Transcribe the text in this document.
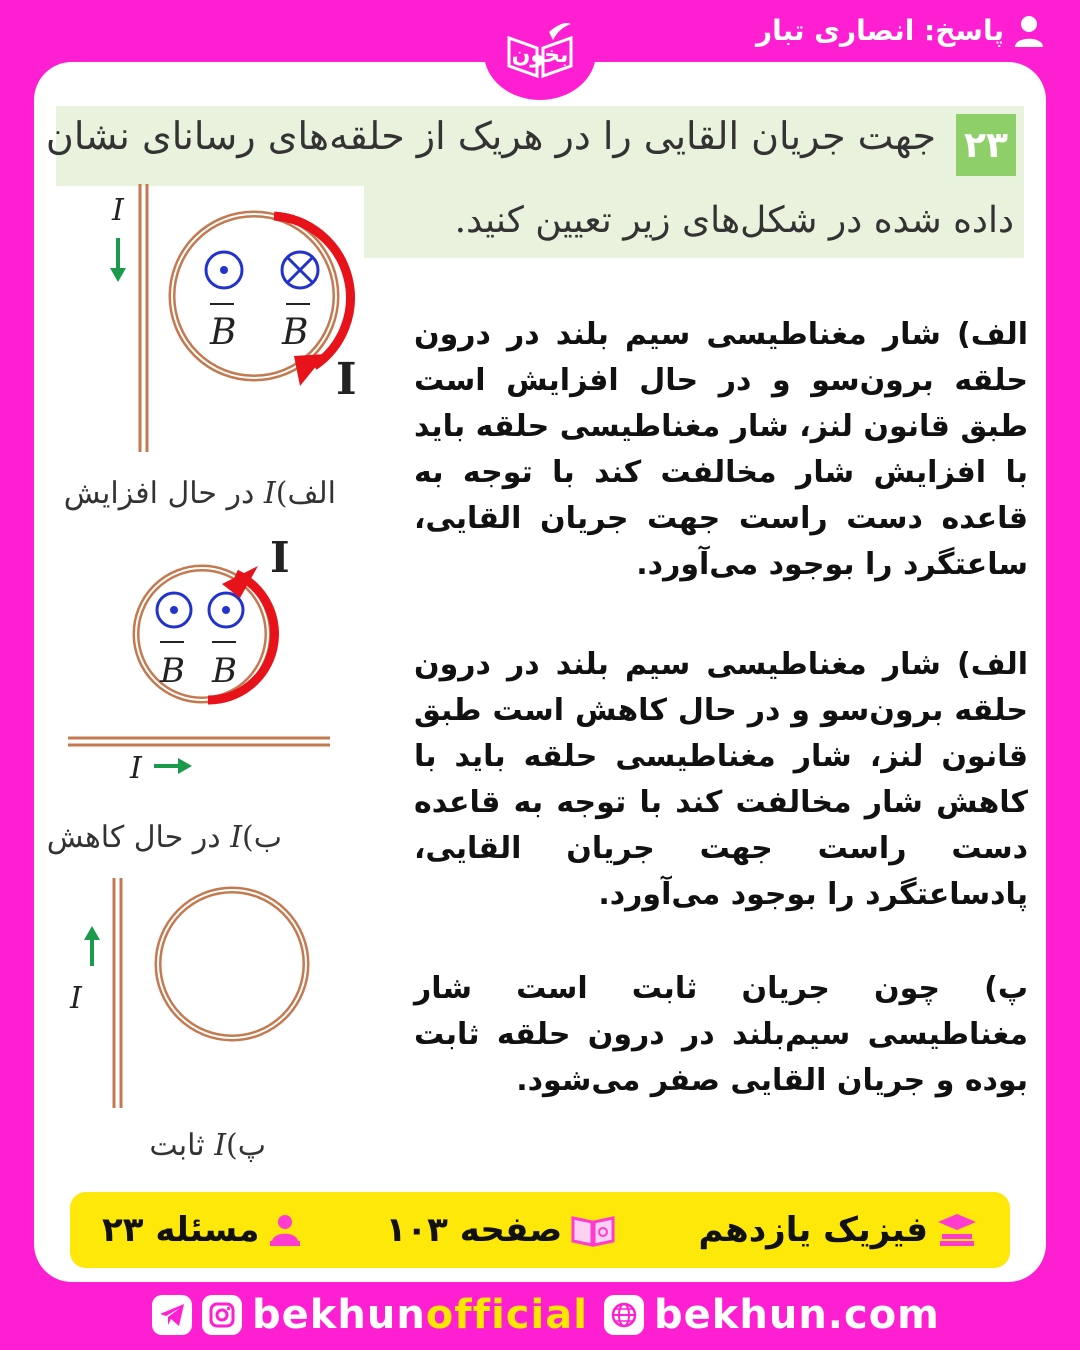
پاسخ: انصاری تبار
بخون
۲۳
جهت جریان القایی را در هریک از حلقه‌های رسانای نشان
داده شده در شکل‌های زیر تعیین کنید.
I
B B
I
الف)I در حال افزایش
B B
I
I
ب)I در حال کاهش
I
پ)I ثابت
الف) شار مغناطیسی سیم بلند در درون حلقه برون‌سو و در حال افزایش است طبق قانون لنز، شار مغناطیسی حلقه باید با افزایش شار مخالفت کند با توجه به قاعده دست راست جهت جریان القایی، ساعتگرد را بوجود می‌آورد.
الف) شار مغناطیسی سیم بلند در درون حلقه برون‌سو و در حال کاهش است طبق قانون لنز، شار مغناطیسی حلقه باید با کاهش شار مخالفت کند با توجه به قاعده دست راست جهت جریان القایی، پادساعتگرد را بوجود می‌آورد.
پ) چون جریان ثابت است شار مغناطیسی سیم‌بلند در درون حلقه ثابت بوده و جریان القایی صفر می‌شود.
مسئله ۲۳	صفحه ۱۰۳	فیزیک یازدهم
bekhunofficial bekhun.com
